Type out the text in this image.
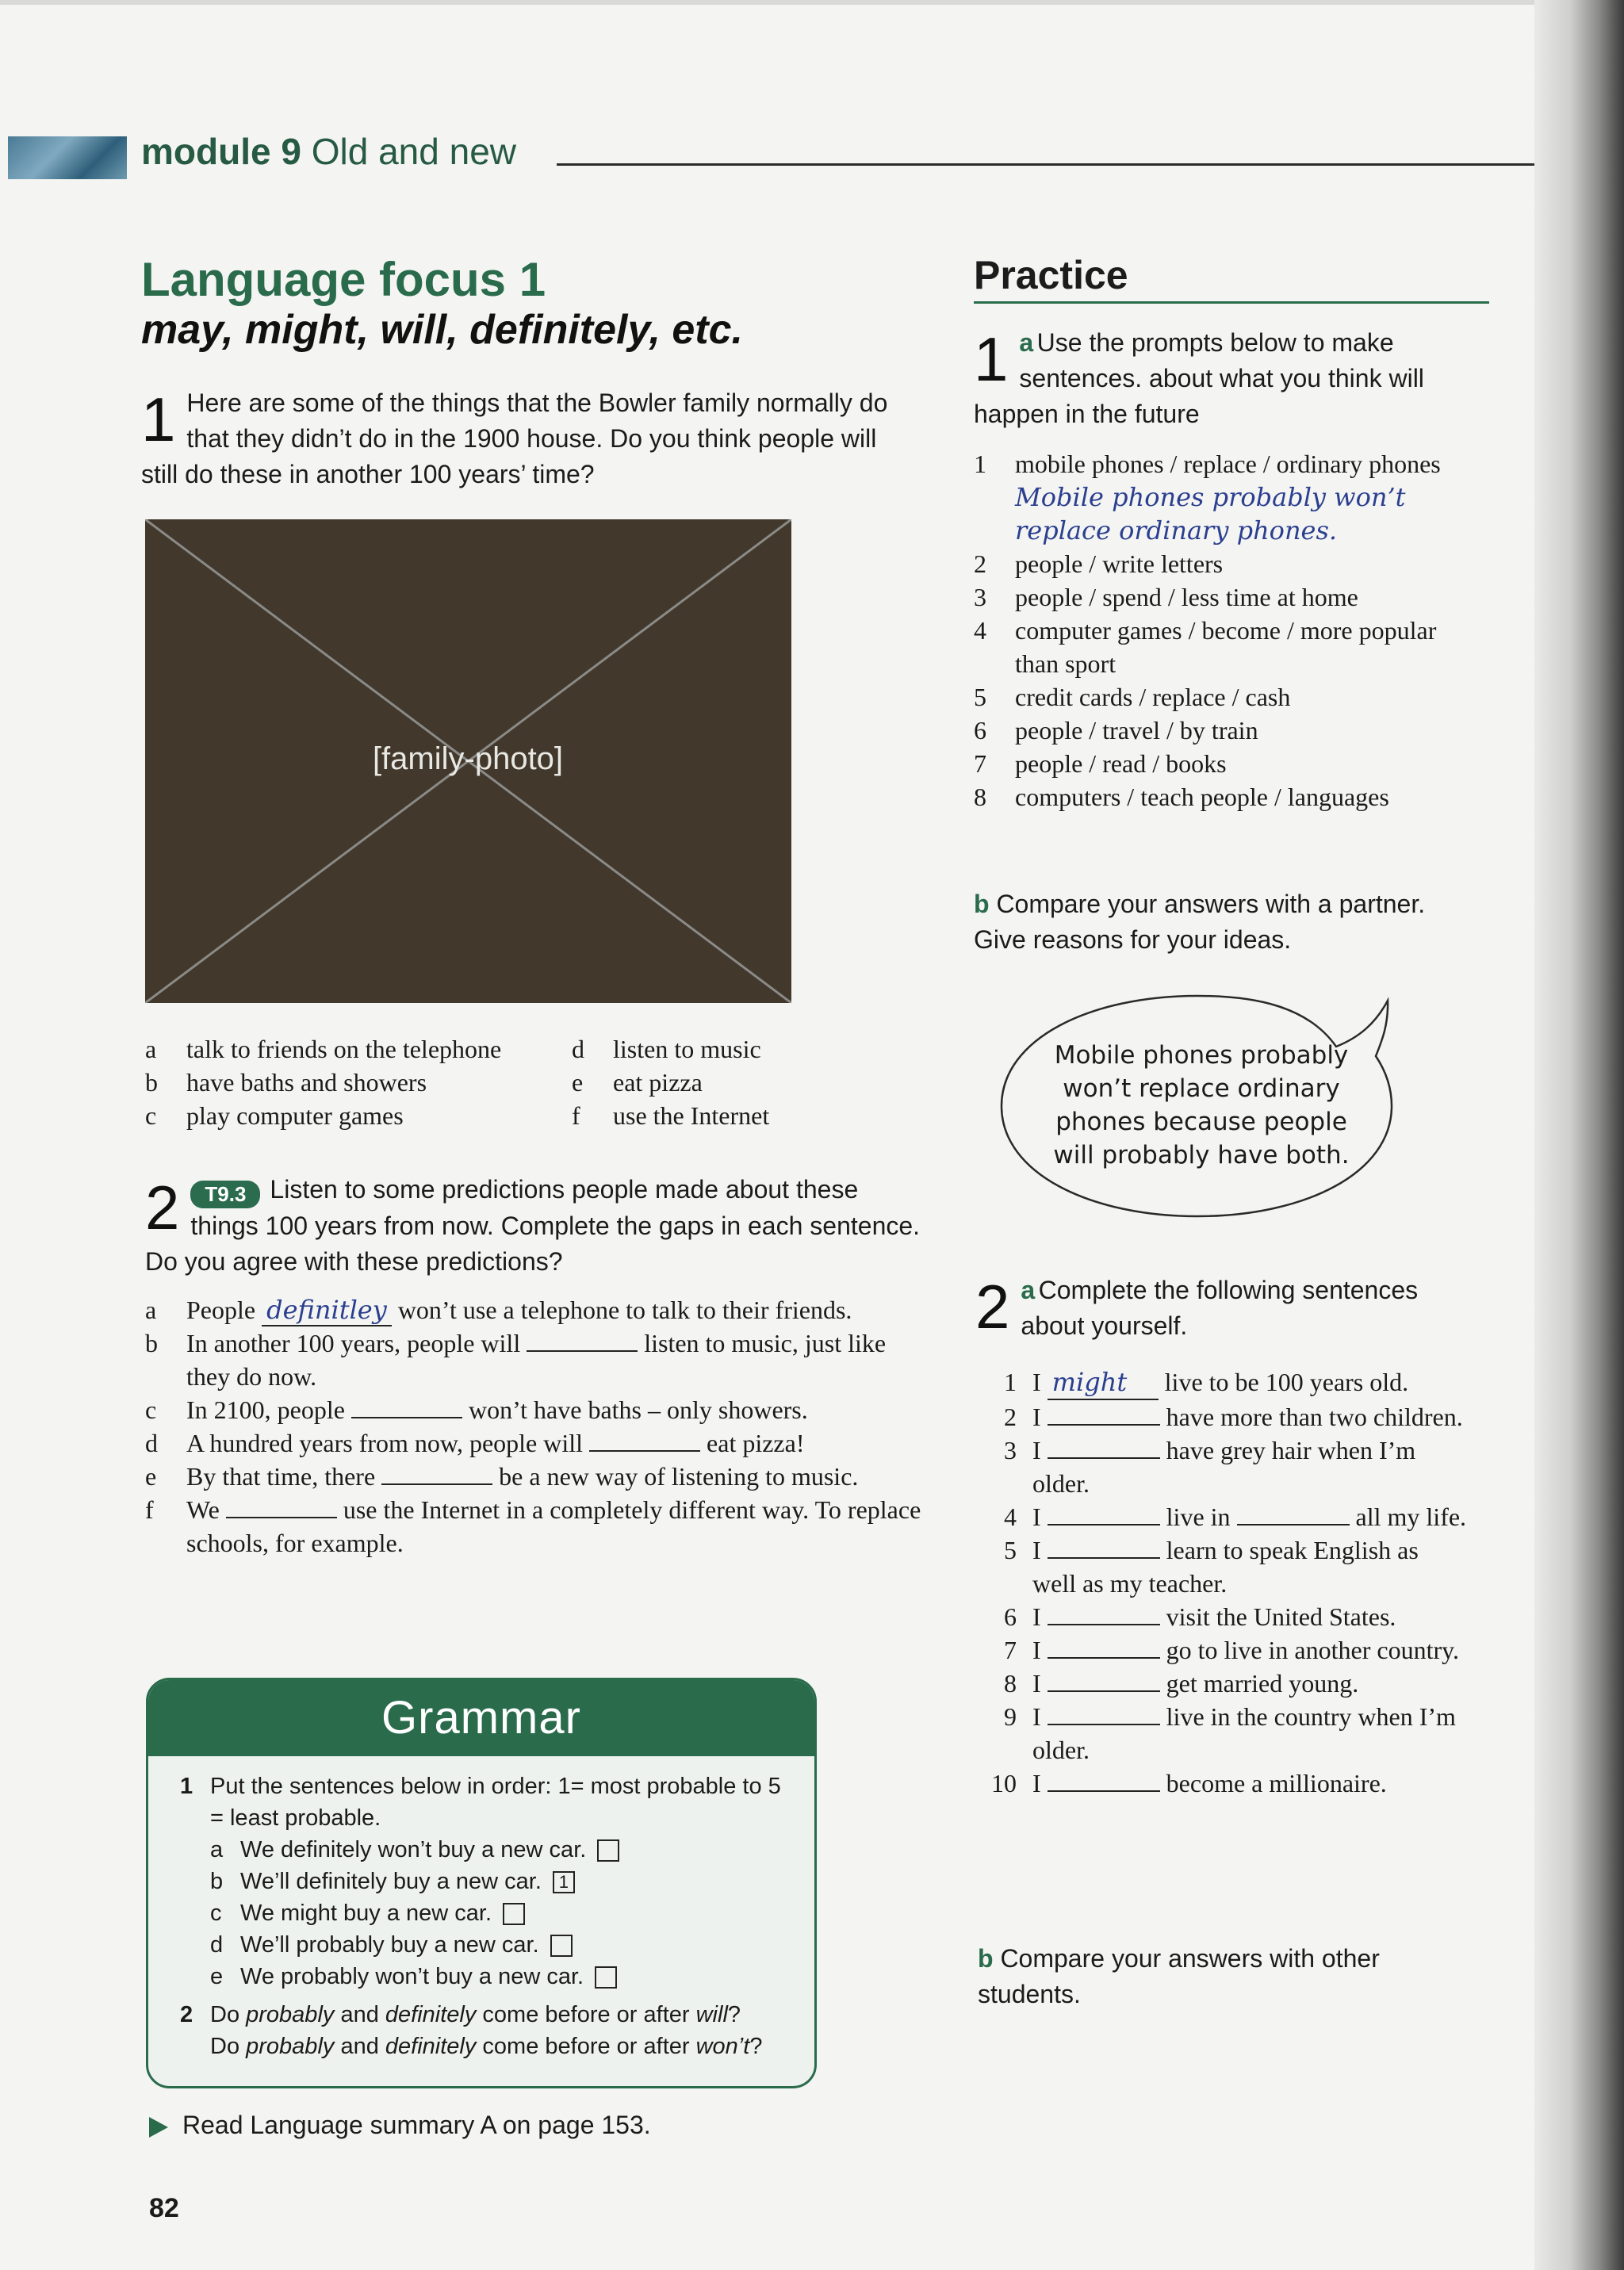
module 9 Old and new
Language focus 1
may, might, will, definitely, etc.
1 Here are some of the things that the Bowler family normally do that they didn’t do in the 1900 house. Do you think people will still do these in another 100 years’ time?
[family-photo]
a	talk to friends on the telephone	d	listen to music
b	have baths and showers	e	eat pizza
c	play computer games	f	use the Internet
2 T9.3 Listen to some predictions people made about these things 100 years from now. Complete the gaps in each sentence. Do you agree with these predictions?
a	People definitley won’t use a telephone to talk to their friends.
b	In another 100 years, people will	listen to music, just like they do now.
c	In 2100, people	won’t have baths – only showers.
d	A hundred years from now, people will	eat pizza!
e	By that time, there	be a new way of listening to music.
f	We	use the Internet in a completely different way. To replace schools, for example.
Grammar
1 Put the sentences below in order: 1= most probable to 5 = least probable.
a We definitely won’t buy a new car.
b We’ll definitely buy a new car. 1
c We might buy a new car.
d We’ll probably buy a new car.
e We probably won’t buy a new car.
2 Do probably and definitely come before or after will?
Do probably and definitely come before or after won’t?
Read Language summary A on page 153.
82
Practice
1 a Use the prompts below to make sentences. about what you think will happen in the future
1	mobile phones / replace / ordinary phones
Mobile phones probably won’t replace ordinary phones.
2	people / write letters
3	people / spend / less time at home
4	computer games / become / more popular than sport
5	credit cards / replace / cash
6	people / travel / by train
7	people / read / books
8	computers / teach people / languages
b Compare your answers with a partner.
Give reasons for your ideas.
Mobile phones probably won’t replace ordinary phones because people will probably have both.
2 a Complete the following sentences about yourself.
1 I might live to be 100 years old.
2 I	have more than two children.
3 I	have grey hair when I’m older.
4 I	live in	all my life.
5 I	learn to speak English as well as my teacher.
6 I	visit the United States.
7 I	go to live in another country.
8 I	get married young.
9 I	live in the country when I’m older.
10 I	become a millionaire.
b Compare your answers with other students.
